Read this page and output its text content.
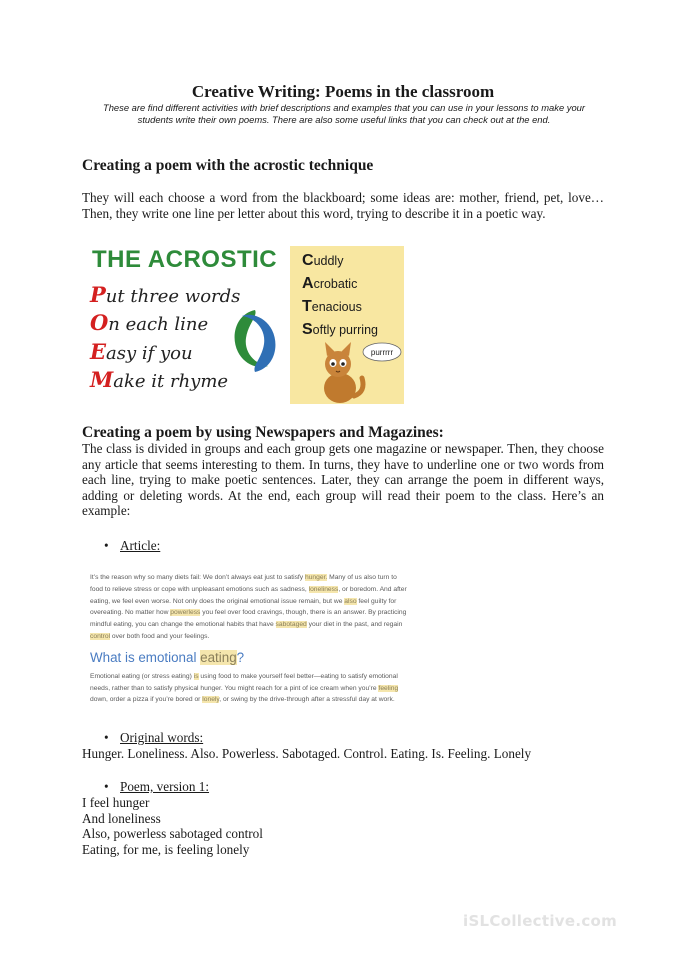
Creative Writing: Poems in the classroom
These are find different activities with brief descriptions and examples that you can use in your lessons to make your
students write their own poems. There are also some useful links that you can check out at the end.
Creating a poem with the acrostic technique

They will each choose a word from the blackboard; some ideas are: mother, friend, pet, love… Then, they write one line per letter about this word, trying to describe it in a poetic way.

THE ACROSTIC
Put three words
On each line
Easy if you
Make it rhyme
Cuddly
Acrobatic
Tenacious
Softly purring
purrrrr
Creating a poem by using Newspapers and Magazines:

The class is divided in groups and each group gets one magazine or newspaper. Then, they choose any article that seems interesting to them. In turns, they have to underline one or two words from each line, trying to make poetic sentences. Later, they can arrange the poem in different ways, adding or deleting words. At the end, each group will read their poem to the class. Here’s an example:

• Article:
It’s the reason why so many diets fail: We don’t always eat just to satisfy hunger. Many of us also turn to
food to relieve stress or cope with unpleasant emotions such as sadness, loneliness, or boredom. And after
eating, we feel even worse. Not only does the original emotional issue remain, but we also feel guilty for
overeating. No matter how powerless you feel over food cravings, though, there is an answer. By practicing
mindful eating, you can change the emotional habits that have sabotaged your diet in the past, and regain
control over both food and your feelings.
What is emotional eating?
Emotional eating (or stress eating) is using food to make yourself feel better—eating to satisfy emotional
needs, rather than to satisfy physical hunger. You might reach for a pint of ice cream when you’re feeling
down, order a pizza if you’re bored or lonely, or swing by the drive-through after a stressful day at work.
• Original words:
Hunger. Loneliness. Also. Powerless. Sabotaged. Control. Eating. Is. Feeling. Lonely
• Poem, version 1:
I feel hunger
And loneliness
Also, powerless sabotaged control
Eating, for me, is feeling lonely
iSLCollective.com
